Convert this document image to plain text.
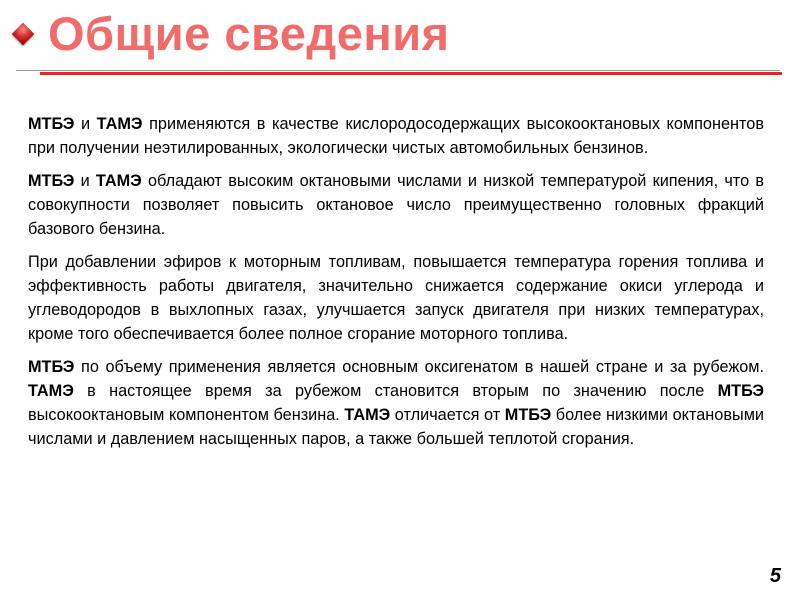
Общие сведения

МТБЭ и ТАМЭ применяются в качестве кислородосодержащих высокооктановых компонентов при получении неэтилированных, экологически чистых автомобильных бензинов.

МТБЭ и ТАМЭ обладают высоким октановыми числами и низкой температурой кипения, что в совокупности позволяет повысить октановое число преимущественно головных фракций базового бензина.

При добавлении эфиров к моторным топливам, повышается температура горения топлива и эффективность работы двигателя, значительно снижается содержание окиси углерода и углеводородов в выхлопных газах, улучшается запуск двигателя при низких температурах, кроме того обеспечивается более полное сгорание моторного топлива.

МТБЭ по объему применения является основным оксигенатом в нашей стране и за рубежом. ТАМЭ в настоящее время за рубежом становится вторым по значению после МТБЭ высокооктановым компонентом бензина. ТАМЭ отличается от МТБЭ более низкими октановыми числами и давлением насыщенных паров, а также большей теплотой сгорания.

5
